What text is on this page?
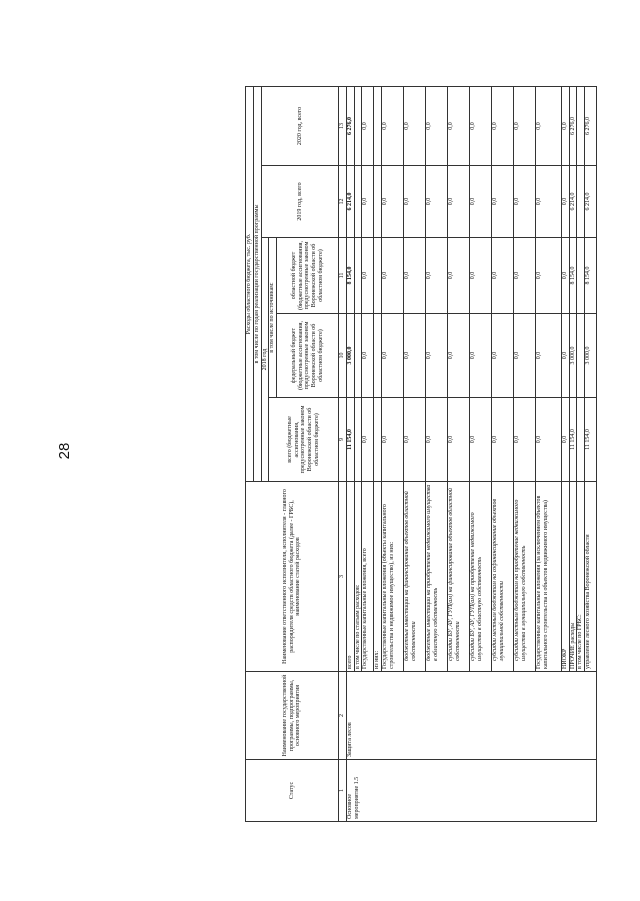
28
Статус	Наименование государственной программы, подпрограммы, основного мероприятия	Наименование ответственного исполнителя, исполнителя - главного распорядителя средств областного бюджета (далее - ГРБС), наименование статей расходов	Расходы областного бюджета, тыс. руб.				
			в том числе по годам реализации государственной программы				
			2018 год			2019 год, всего	2020 год, всего
			всего (бюджетные ассигнования, предусмотренные законом Воронежской области об областном бюджете)	в том числе по источникам:			
				федеральный бюджет (бюджетные ассигнования, предусмотренные законом Воронежской области об областном бюджете)	областной бюджет (бюджетные ассигнования, предусмотренные законом Воронежской области об областном бюджете)		
1	2	3	9	10	11	12	13
Основное мероприятие 1.5	Защита лесов	всего	11 154,0	3 000,0	8 154,0	6 214,0	6 276,0
		в том числе по статьям расходов:					
		Государственные капитальные вложения, всего	0,0	0,0	0,0	0,0	0,0
		из них:					
		Государственные капитальные вложения (объекты капитального строительства и недвижимое имущество), из них:	0,0	0,0	0,0	0,0	0,0
		бюджетные инвестиции на финансирование объектов областной собственности	0,0	0,0	0,0	0,0	0,0
		бюджетные инвестиции на приобретение недвижимого имущества в областную собственность	0,0	0,0	0,0	0,0	0,0
		субсидии БУ, АУ, ГУП(ам) на финансирование объектов областной собственности	0,0	0,0	0,0	0,0	0,0
		субсидии БУ, АУ, ГУП(ам) на приобретение недвижимого имущества в областную собственность	0,0	0,0	0,0	0,0	0,0
		субсидии местным бюджетам на софинансирование объектов муниципальной собственности	0,0	0,0	0,0	0,0	0,0
		субсидии местным бюджетам на приобретение недвижимого имущества в муниципальную собственность	0,0	0,0	0,0	0,0	0,0
		Государственные капитальные вложения (за исключением объектов капитального строительства и объектов недвижимого имущества)	0,0	0,0	0,0	0,0	0,0
		НИОКР	0,0	0,0	0,0	0,0	0,0
		ПРОЧИЕ расходы	11 154,0	3 000,0	8 154,0	6 214,0	6 276,0
		в том числе по ГРБС:					
		управление лесного хозяйства Воронежской области	11 154,0	3 000,0	8 154,0	6 214,0	6 276,0
